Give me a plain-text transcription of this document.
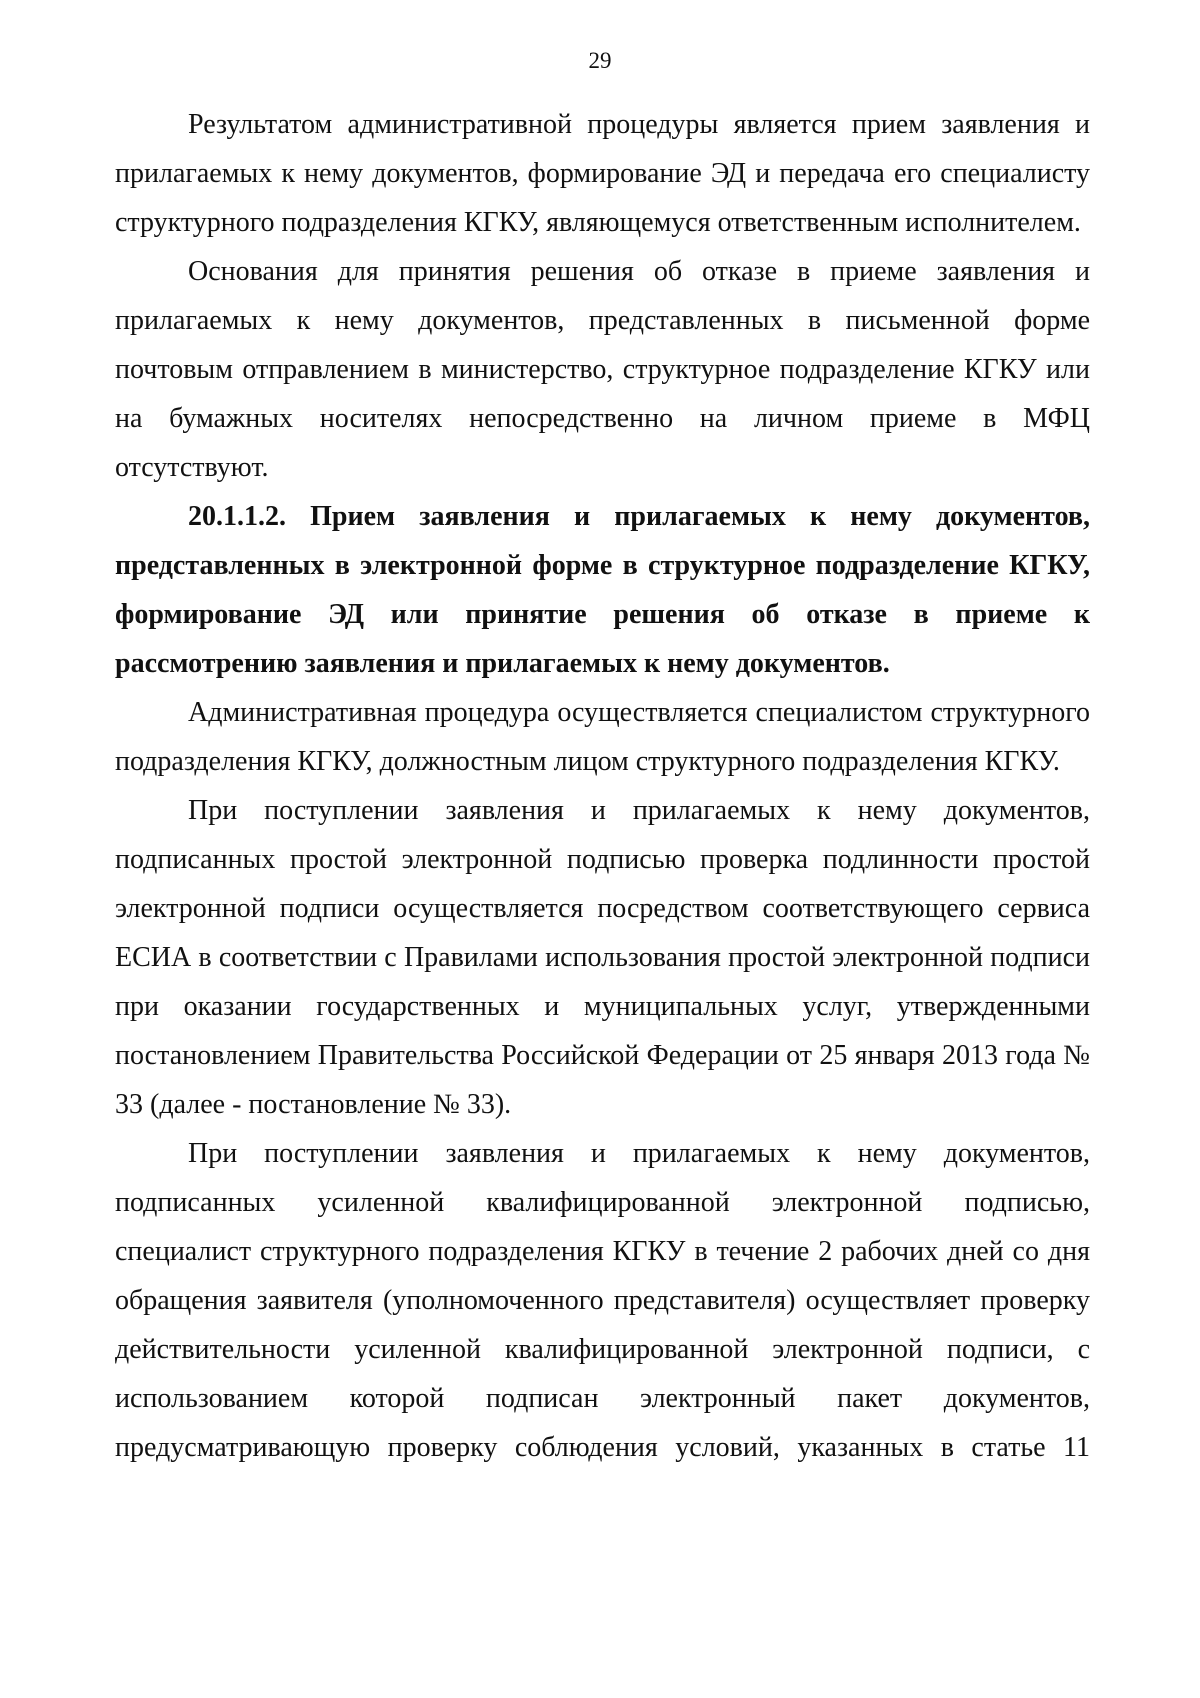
29

Результатом административной процедуры является прием заявления и прилагаемых к нему документов, формирование ЭД и передача его специалисту структурного подразделения КГКУ, являющемуся ответственным исполнителем.

Основания для принятия решения об отказе в приеме заявления и прилагаемых к нему документов, представленных в письменной форме почтовым отправлением в министерство, структурное подразделение КГКУ или на бумажных носителях непосредственно на личном приеме в МФЦ отсутствуют.

20.1.1.2. Прием заявления и прилагаемых к нему документов, представленных в электронной форме в структурное подразделение КГКУ, формирование ЭД или принятие решения об отказе в приеме к рассмотрению заявления и прилагаемых к нему документов.

Административная процедура осуществляется специалистом структурного подразделения КГКУ, должностным лицом структурного подразделения КГКУ.

При поступлении заявления и прилагаемых к нему документов, подписанных простой электронной подписью проверка подлинности простой электронной подписи осуществляется посредством соответствующего сервиса ЕСИА в соответствии с Правилами использования простой электронной подписи при оказании государственных и муниципальных услуг, утвержденными постановлением Правительства Российской Федерации от 25 января 2013 года № 33 (далее - постановление № 33).

При поступлении заявления и прилагаемых к нему документов, подписанных усиленной квалифицированной электронной подписью, специалист структурного подразделения КГКУ в течение 2 рабочих дней со дня обращения заявителя (уполномоченного представителя) осуществляет проверку действительности усиленной квалифицированной электронной подписи, с использованием которой подписан электронный пакет документов, предусматривающую проверку соблюдения условий, указанных в статье 11
